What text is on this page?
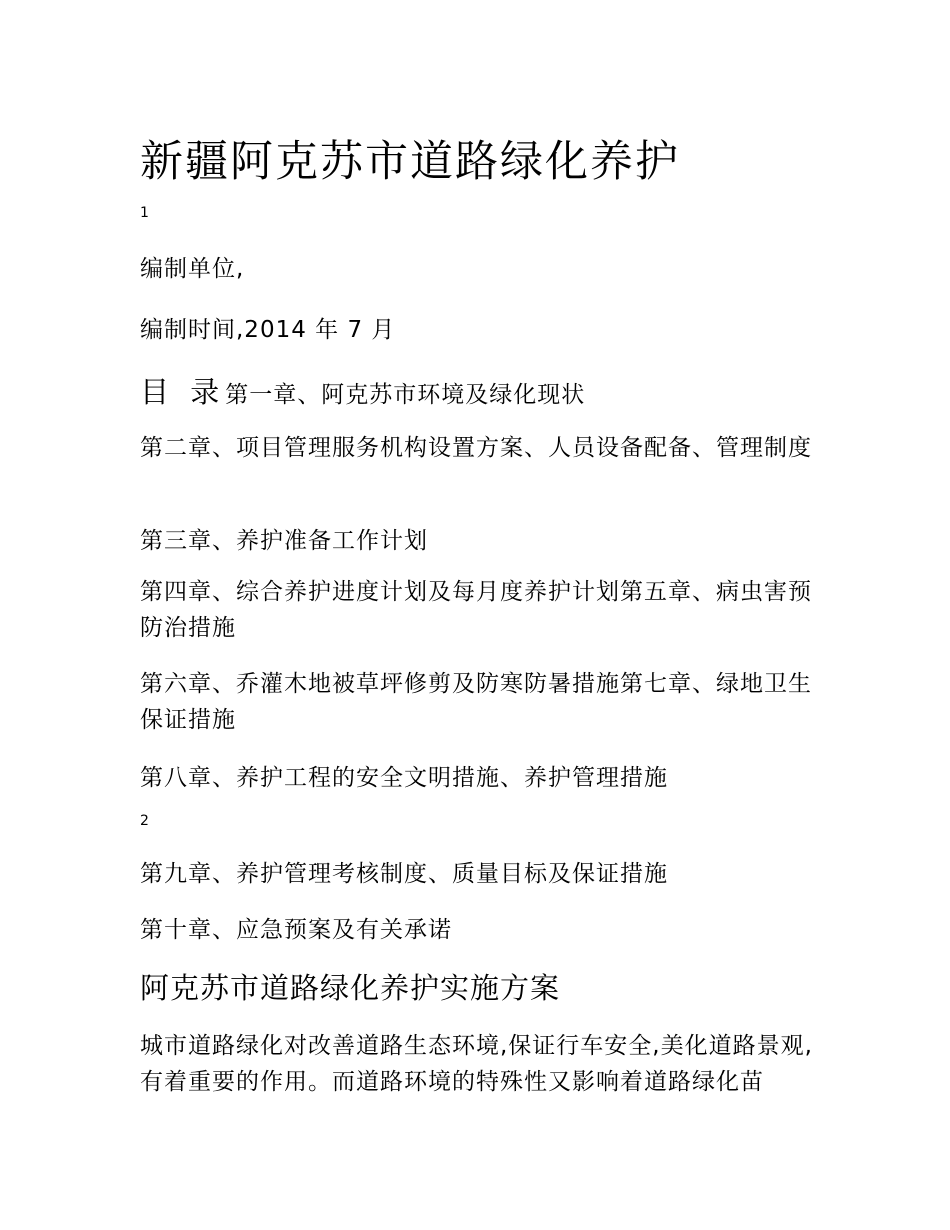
新疆阿克苏市道路绿化养护
1
编制单位,
编制时间,2014 年 7 月
目 录第一章、阿克苏市环境及绿化现状

第二章、项目管理服务机构设置方案、人员设备配备、管理制度

第三章、养护准备工作计划

第四章、综合养护进度计划及每月度养护计划第五章、病虫害预防治措施

第六章、乔灌木地被草坪修剪及防寒防暑措施第七章、绿地卫生保证措施

第八章、养护工程的安全文明措施、养护管理措施
2
第九章、养护管理考核制度、质量目标及保证措施
第十章、应急预案及有关承诺
阿克苏市道路绿化养护实施方案

城市道路绿化对改善道路生态环境,保证行车安全,美化道路景观,有着重要的作用。而道路环境的特殊性又影响着道路绿化苗
